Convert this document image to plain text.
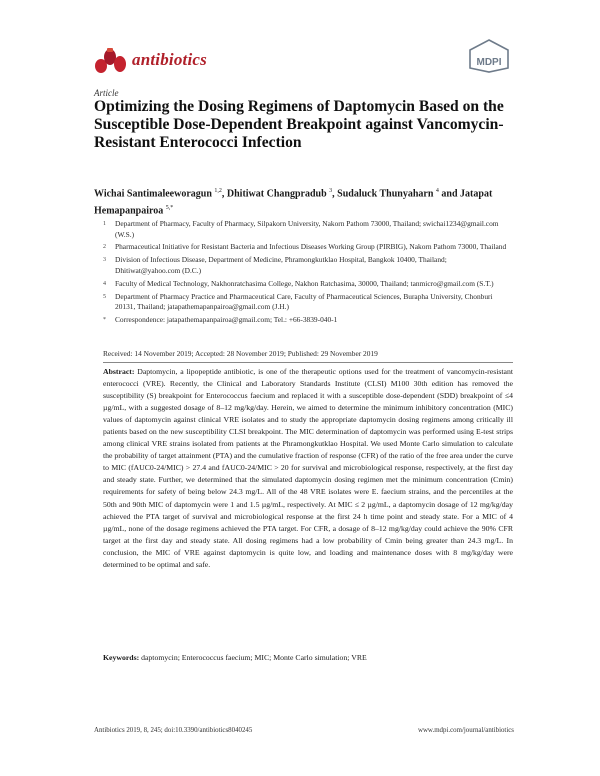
antibiotics	MDPI
Article
Optimizing the Dosing Regimens of Daptomycin Based on the Susceptible Dose-Dependent Breakpoint against Vancomycin-Resistant Enterococci Infection
Wichai Santimaleeworagun $^{1,2}$, Dhitiwat Changpradub $^3$, Sudaluck Thunyaharn $^4$ and Jatapat Hemapanpairoa $^{5,*}$
1	Department of Pharmacy, Faculty of Pharmacy, Silpakorn University, Nakorn Pathom 73000, Thailand; swichai1234@gmail.com (W.S.)
2	Pharmaceutical Initiative for Resistant Bacteria and Infectious Diseases Working Group (PIRBIG), Nakorn Pathom 73000, Thailand
3	Division of Infectious Disease, Department of Medicine, Phramongkutklao Hospital, Bangkok 10400, Thailand; Dhitiwat@yahoo.com (D.C.)
4	Faculty of Medical Technology, Nakhonratchasima College, Nakhon Ratchasima, 30000, Thailand; tanmicro@gmail.com (S.T.)
5	Department of Pharmacy Practice and Pharmaceutical Care, Faculty of Pharmaceutical Sciences, Burapha University, Chonburi 20131, Thailand; jatapathemapanpairoa@gmail.com (J.H.)
*	Correspondence: jatapathemapanpairoa@gmail.com; Tel.: +66-3839-040-1
Received: 14 November 2019; Accepted: 28 November 2019; Published: 29 November 2019
Abstract: Daptomycin, a lipopeptide antibiotic, is one of the therapeutic options used for the treatment of vancomycin-resistant enterococci (VRE). Recently, the Clinical and Laboratory Standards Institute (CLSI) M100 30th edition has removed the susceptibility (S) breakpoint for Enterococcus faecium and replaced it with a susceptible dose-dependent (SDD) breakpoint of ≤4 µg/mL, with a suggested dosage of 8–12 mg/kg/day. Herein, we aimed to determine the minimum inhibitory concentration (MIC) values of daptomycin against clinical VRE isolates and to study the appropriate daptomycin dosing regimens among critically ill patients based on the new susceptibility CLSI breakpoint. The MIC determination of daptomycin was performed using E-test strips among clinical VRE strains isolated from patients at the Phramongkutklao Hospital. We used Monte Carlo simulation to calculate the probability of target attainment (PTA) and the cumulative fraction of response (CFR) of the ratio of the free area under the curve to MIC (fAUC0-24/MIC) > 27.4 and fAUC0-24/MIC > 20 for survival and microbiological response, respectively, at the first day and steady state. Further, we determined that the simulated daptomycin dosing regimen met the minimum concentration (Cmin) requirements for safety of being below 24.3 mg/L. All of the 48 VRE isolates were E. faecium strains, and the percentiles at the 50th and 90th MIC of daptomycin were 1 and 1.5 µg/mL, respectively. At MIC ≤ 2 µg/mL, a daptomycin dosage of 12 mg/kg/day achieved the PTA target of survival and microbiological response at the first 24 h time point and steady state. For a MIC of 4 µg/mL, none of the dosage regimens achieved the PTA target. For CFR, a dosage of 8–12 mg/kg/day could achieve the 90% CFR target at the first day and steady state. All dosing regimens had a low probability of Cmin being greater than 24.3 mg/L. In conclusion, the MIC of VRE against daptomycin is quite low, and loading and maintenance doses with 8 mg/kg/day were determined to be optimal and safe.
Keywords: daptomycin; Enterococcus faecium; MIC; Monte Carlo simulation; VRE
Antibiotics 2019, 8, 245; doi:10.3390/antibiotics8040245	www.mdpi.com/journal/antibiotics
